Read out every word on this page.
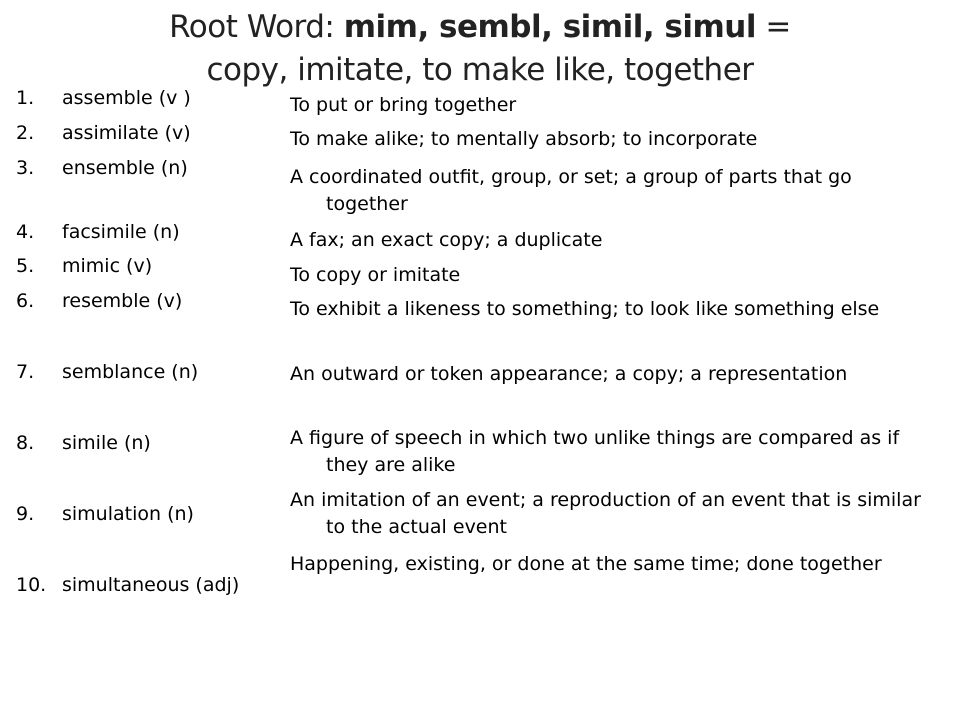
Root Word: mim, sembl, simil, simul =
copy, imitate, to make like, together
1. assemble (v )
2. assimilate (v)
3. ensemble (n)
4. facsimile (n)
5. mimic (v)
6. resemble (v)
7. semblance (n)
8. simile (n)
9. simulation (n)
10. simultaneous (adj)
To put or bring together
To make alike; to mentally absorb; to incorporate
A coordinated outfit, group, or set; a group of parts that go together
A fax; an exact copy; a duplicate
To copy or imitate
To exhibit a likeness to something; to look like something else
An outward or token appearance; a copy; a representation
A figure of speech in which two unlike things are compared as if they are alike
An imitation of an event; a reproduction of an event that is similar to the actual event
Happening, existing, or done at the same time; done together
